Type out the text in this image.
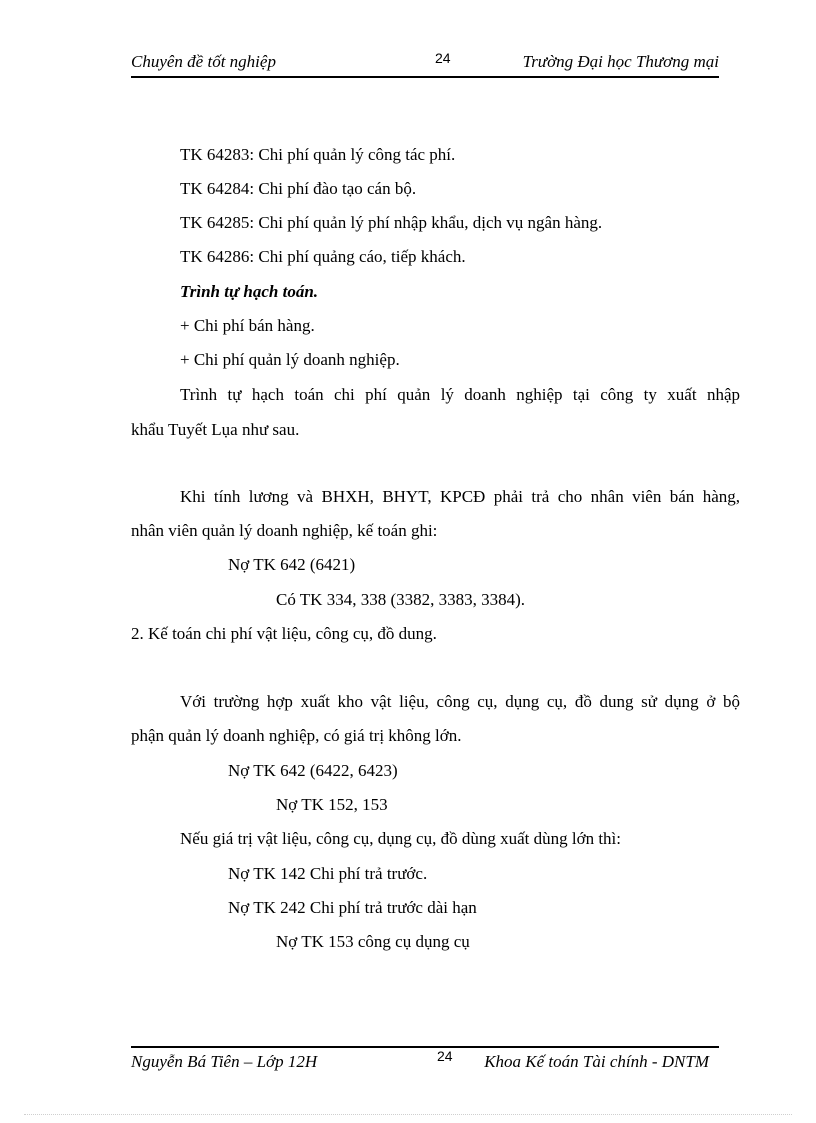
Chuyên đề tốt nghiệp	24	Trường Đại học Thương mại
TK 64283: Chi phí quản lý công tác phí.
TK 64284: Chi phí đào tạo cán bộ.
TK 64285: Chi phí quản lý phí nhập khẩu, dịch vụ ngân hàng.
TK 64286: Chi phí quảng cáo, tiếp khách.
Trình tự hạch toán.
+ Chi phí bán hàng.
+ Chi phí quản lý doanh nghiệp.
Trình tự hạch toán chi phí quản lý doanh nghiệp tại công ty xuất nhập
khẩu Tuyết Lụa như sau.
Khi tính lương và BHXH, BHYT, KPCĐ phải trả cho nhân viên bán hàng,
nhân viên quản lý doanh nghiệp, kế toán ghi:
Nợ TK 642 (6421)
Có TK 334, 338 (3382, 3383, 3384).
2. Kế toán chi phí vật liệu, công cụ, đồ dung.
Với trường hợp xuất kho vật liệu, công cụ, dụng cụ, đồ dung sử dụng ở bộ
phận quản lý doanh nghiệp, có giá trị không lớn.
Nợ TK 642 (6422, 6423)
Nợ TK 152, 153
Nếu giá trị vật liệu, công cụ, dụng cụ, đồ dùng xuất dùng lớn thì:
Nợ TK 142 Chi phí trả trước.
Nợ TK 242 Chi phí trả trước dài hạn
Nợ TK 153 công cụ dụng cụ
Nguyễn Bá Tiên – Lớp 12H	24 Khoa Kế toán Tài chính - DNTM
